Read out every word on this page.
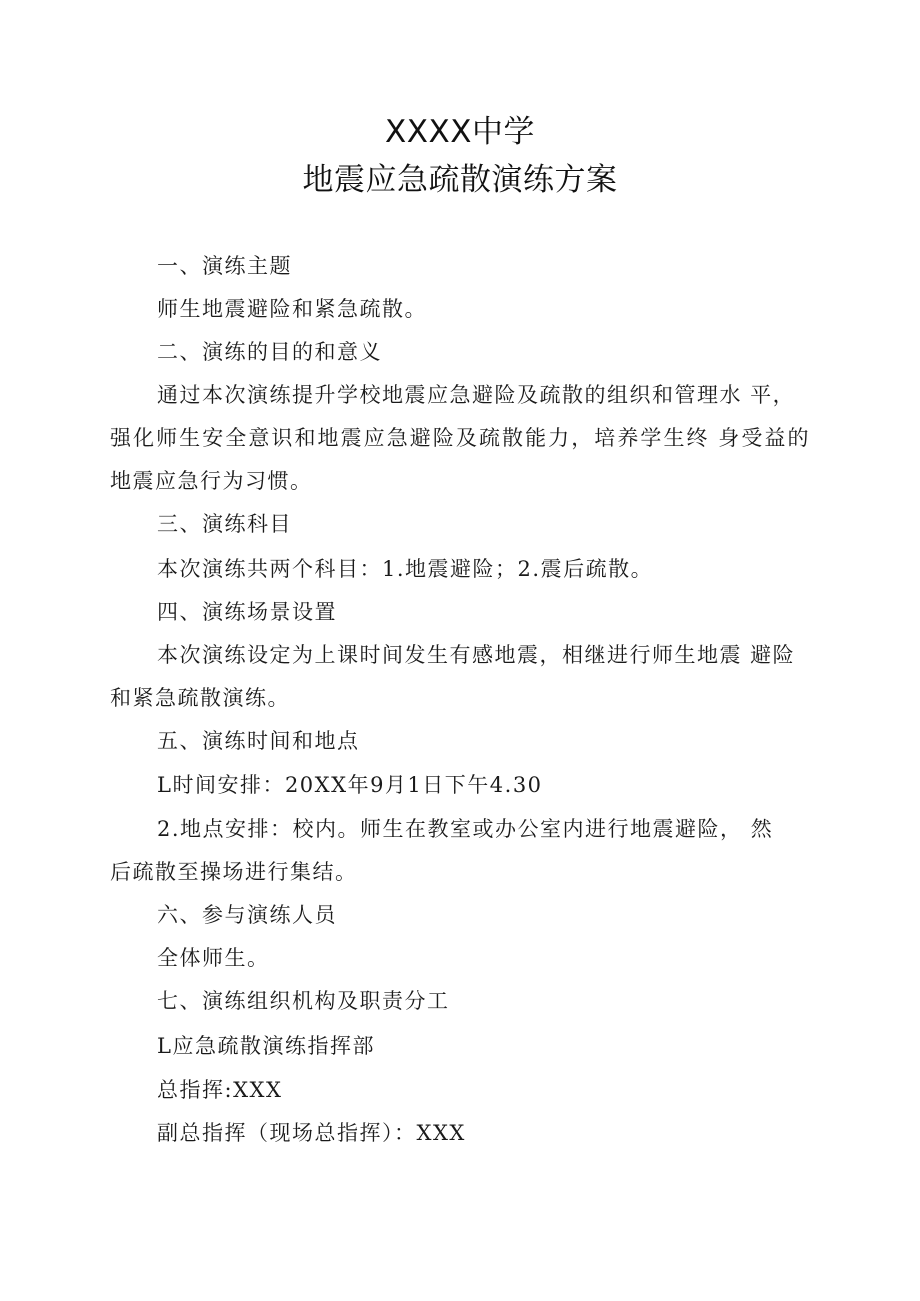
XXXX中学
地震应急疏散演练方案
一、演练主题
师生地震避险和紧急疏散。
二、演练的目的和意义
通过本次演练提升学校地震应急避险及疏散的组织和管理水 平，
强化师生安全意识和地震应急避险及疏散能力，培养学生终 身受益的
地震应急行为习惯。
三、演练科目
本次演练共两个科目：1.地震避险；2.震后疏散。
四、演练场景设置
本次演练设定为上课时间发生有感地震，相继进行师生地震 避险
和紧急疏散演练。
五、演练时间和地点
L时间安排：20XX年9月1日下午4.30
2.地点安排：校内。师生在教室或办公室内进行地震避险， 然
后疏散至操场进行集结。
六、参与演练人员
全体师生。
七、演练组织机构及职责分工
L应急疏散演练指挥部
总指挥:XXX
副总指挥（现场总指挥）：XXX
